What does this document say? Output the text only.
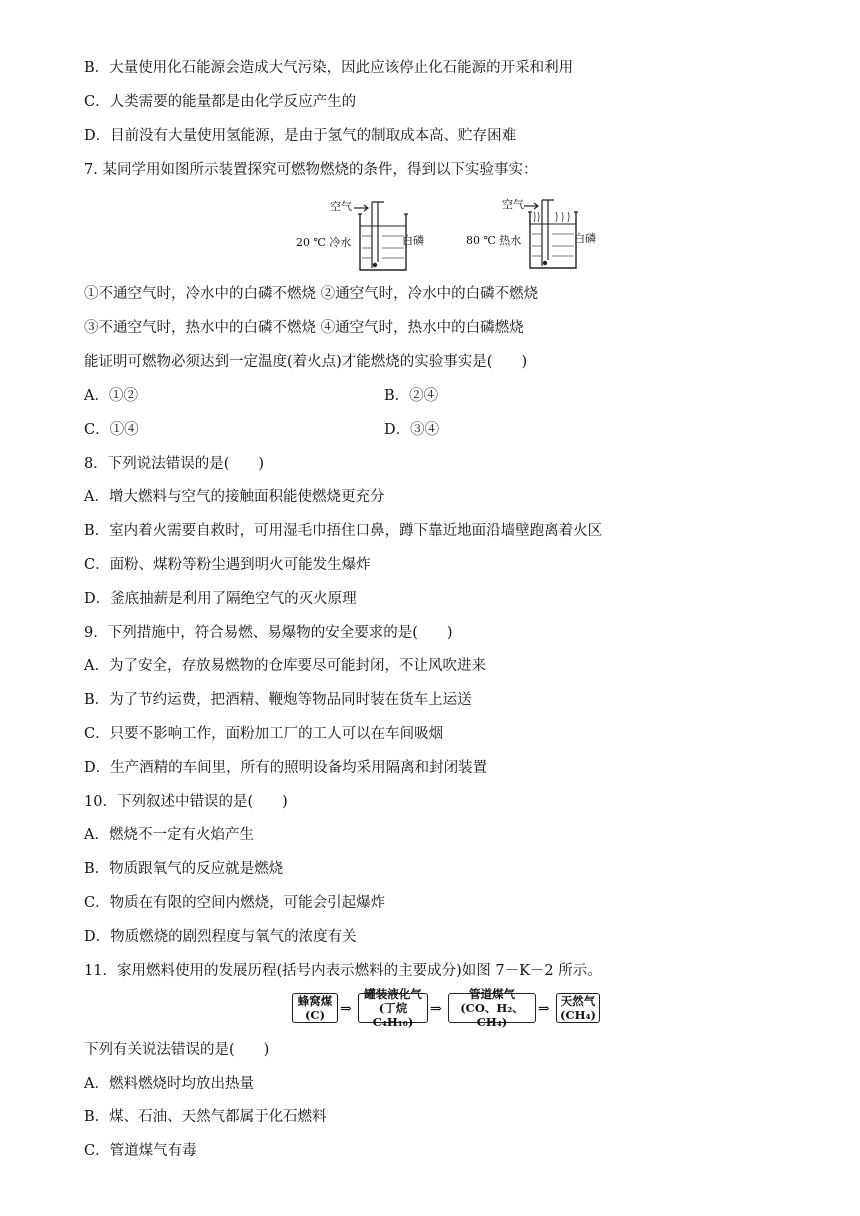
B．大量使用化石能源会造成大气污染，因此应该停止化石能源的开采和利用
C．人类需要的能量都是由化学反应产生的
D．目前没有大量使用氢能源，是由于氢气的制取成本高、贮存困难
7. 某同学用如图所示装置探究可燃物燃烧的条件，得到以下实验事实：
空气
20 ℃ 冷水	白磷
空气
80 ℃ 热水	白磷
①不通空气时，冷水中的白磷不燃烧 ②通空气时，冷水中的白磷不燃烧
③不通空气时，热水中的白磷不燃烧 ④通空气时，热水中的白磷燃烧
能证明可燃物必须达到一定温度(着火点)才能燃烧的实验事实是(　　)
A．①②	B．②④
C．①④	D．③④
8．下列说法错误的是(　　)
A．增大燃料与空气的接触面积能使燃烧更充分
B．室内着火需要自救时，可用湿毛巾捂住口鼻，蹲下靠近地面沿墙壁跑离着火区
C．面粉、煤粉等粉尘遇到明火可能发生爆炸
D．釜底抽薪是利用了隔绝空气的灭火原理
9．下列措施中，符合易燃、易爆物的安全要求的是(　　)
A．为了安全，存放易燃物的仓库要尽可能封闭，不让风吹进来
B．为了节约运费，把酒精、鞭炮等物品同时装在货车上运送
C．只要不影响工作，面粉加工厂的工人可以在车间吸烟
D．生产酒精的车间里，所有的照明设备均采用隔离和封闭装置
10．下列叙述中错误的是(　　)
A．燃烧不一定有火焰产生
B．物质跟氧气的反应就是燃烧
C．物质在有限的空间内燃烧，可能会引起爆炸
D．物质燃烧的剧烈程度与氧气的浓度有关
11．家用燃料使用的发展历程(括号内表示燃料的主要成分)如图 7－K－2 所示。
蜂窝煤
(C)	⇒
罐装液化气
(丁烷C₄H₁₀)
⇒
管道煤气
(CO、H₂、CH₄)
⇒ 天然气
(CH₄)
下列有关说法错误的是(　　)
A．燃料燃烧时均放出热量
B．煤、石油、天然气都属于化石燃料
C．管道煤气有毒
